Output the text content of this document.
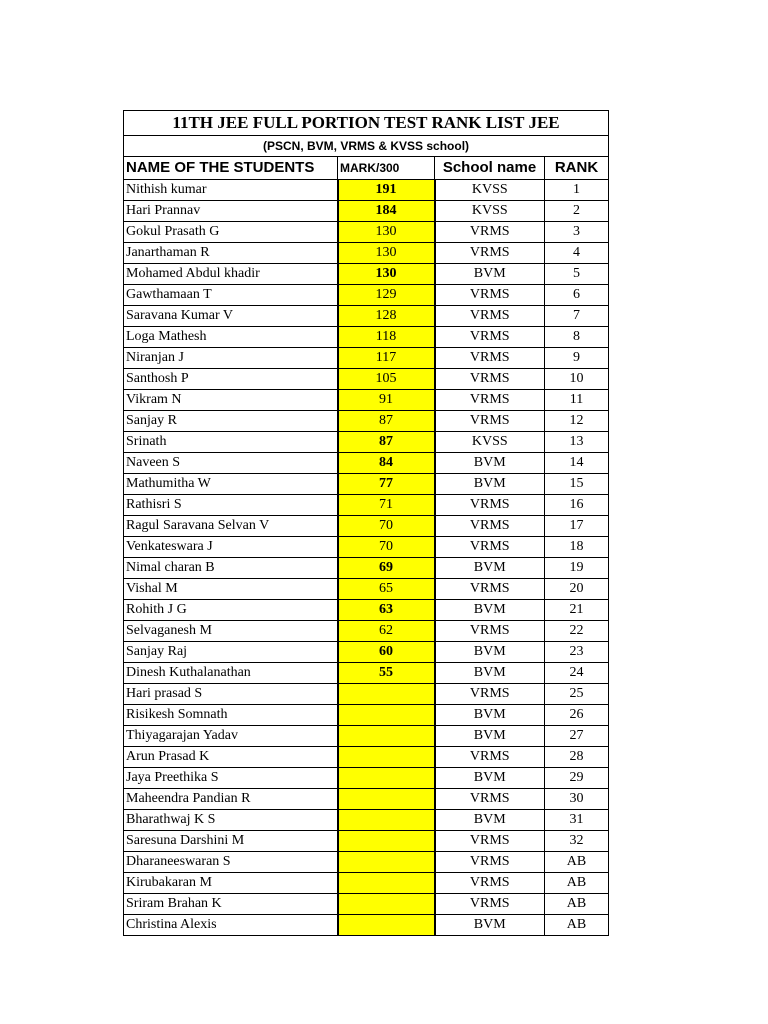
11TH JEE FULL PORTION TEST RANK LIST JEE			
(PSCN, BVM, VRMS & KVSS school)			
NAME OF THE STUDENTS	MARK/300	School name	RANK
Nithish kumar	191	KVSS	1
Hari Prannav	184	KVSS	2
Gokul Prasath G	130	VRMS	3
Janarthaman R	130	VRMS	4
Mohamed Abdul khadir	130	BVM	5
Gawthamaan T	129	VRMS	6
Saravana Kumar V	128	VRMS	7
Loga Mathesh	118	VRMS	8
Niranjan J	117	VRMS	9
Santhosh P	105	VRMS	10
Vikram N	91	VRMS	11
Sanjay R	87	VRMS	12
Srinath	87	KVSS	13
Naveen S	84	BVM	14
Mathumitha W	77	BVM	15
Rathisri S	71	VRMS	16
Ragul Saravana Selvan V	70	VRMS	17
Venkateswara J	70	VRMS	18
Nimal charan B	69	BVM	19
Vishal M	65	VRMS	20
Rohith J G	63	BVM	21
Selvaganesh M	62	VRMS	22
Sanjay Raj	60	BVM	23
Dinesh Kuthalanathan	55	BVM	24
Hari prasad S		VRMS	25
Risikesh Somnath		BVM	26
Thiyagarajan Yadav		BVM	27
Arun Prasad K		VRMS	28
Jaya Preethika S		BVM	29
Maheendra Pandian R		VRMS	30
Bharathwaj K S		BVM	31
Saresuna Darshini M		VRMS	32
Dharaneeswaran S		VRMS	AB
Kirubakaran M		VRMS	AB
Sriram Brahan K		VRMS	AB
Christina Alexis		BVM	AB
